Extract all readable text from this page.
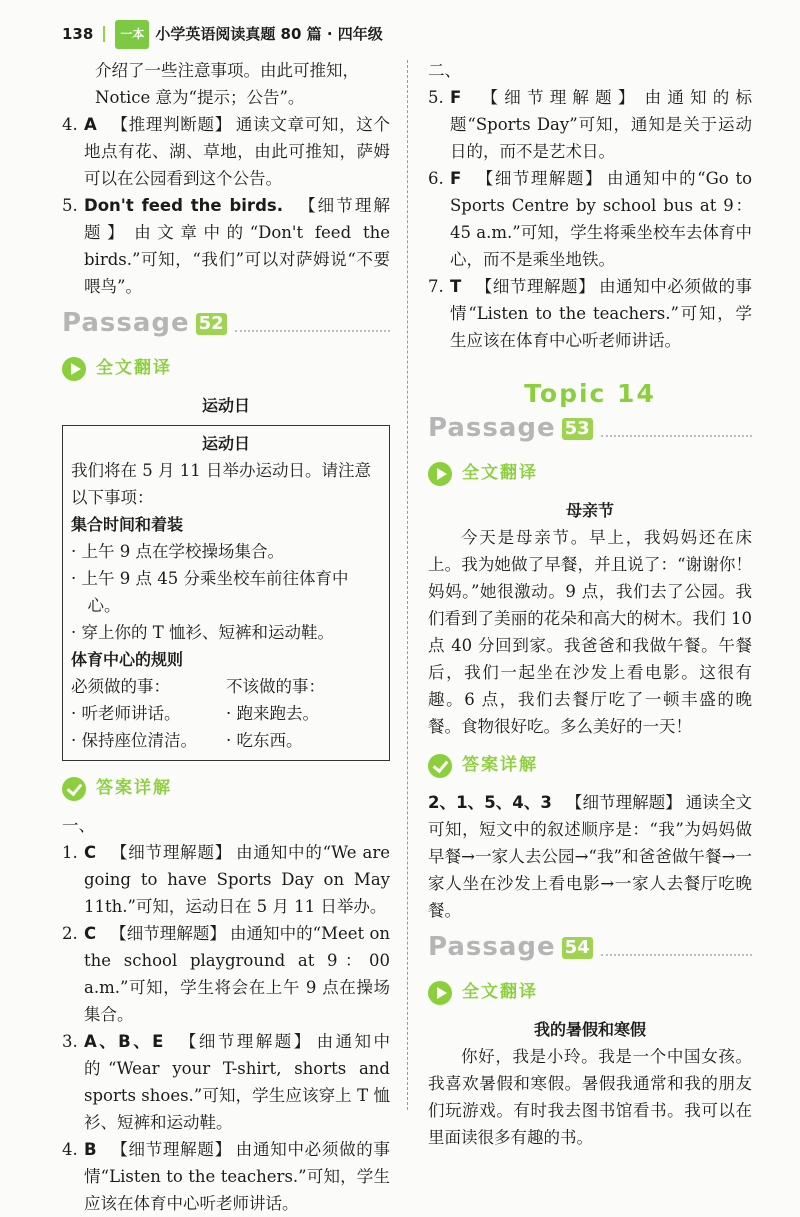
138	一本 小学英语阅读真题 80 篇 · 四年级

介绍了一些注意事项。由此可推知，

Notice 意为“提示；公告”。

4. A 【推理判断题】 通读文章可知，这个地点有花、湖、草地，由此可推知，萨姆可以在公园看到这个公告。
5. Don't feed the birds. 【细节理解题】 由文章中的“Don't feed the birds.”可知，“我们”可以对萨姆说“不要喂鸟”。
Passage 52
全文翻译

运动日

运动日

我们将在 5 月 11 日举办运动日。请注意以下事项：

集合时间和着装

· 上午 9 点在学校操场集合。

· 上午 9 点 45 分乘坐校车前往体育中心。

· 穿上你的 T 恤衫、短裤和运动鞋。

体育中心的规则

必须做的事：

· 听老师讲话。

· 保持座位清洁。

不该做的事：

· 跑来跑去。

· 吃东西。

答案详解

一、

1. C 【细节理解题】 由通知中的“We are going to have Sports Day on May 11th.”可知，运动日在 5 月 11 日举办。
2. C 【细节理解题】 由通知中的“Meet on the school playground at 9：00 a.m.”可知，学生将会在上午 9 点在操场集合。
3. A、B、E 【细节理解题】 由通知中的“Wear your T-shirt, shorts and sports shoes.”可知，学生应该穿上 T 恤衫、短裤和运动鞋。
4. B 【细节理解题】 由通知中必须做的事情“Listen to the teachers.”可知，学生应该在体育中心听老师讲话。

二、

5. F 【细节理解题】 由通知的标题“Sports Day”可知，通知是关于运动日的，而不是艺术日。
6. F 【细节理解题】 由通知中的“Go to Sports Centre by school bus at 9：45 a.m.”可知，学生将乘坐校车去体育中心，而不是乘坐地铁。
7. T 【细节理解题】 由通知中必须做的事情“Listen to the teachers.”可知，学生应该在体育中心听老师讲话。
Topic 14
Passage 53
全文翻译

母亲节

今天是母亲节。早上，我妈妈还在床上。我为她做了早餐，并且说了：“谢谢你！妈妈。”她很激动。9 点，我们去了公园。我们看到了美丽的花朵和高大的树木。我们 10 点 40 分回到家。我爸爸和我做午餐。午餐后，我们一起坐在沙发上看电影。这很有趣。6 点，我们去餐厅吃了一顿丰盛的晚餐。食物很好吃。多么美好的一天！

答案详解

2、1、5、4、3 【细节理解题】 通读全文可知，短文中的叙述顺序是：“我”为妈妈做早餐→一家人去公园→“我”和爸爸做午餐→一家人坐在沙发上看电影→一家人去餐厅吃晚餐。

Passage 54
全文翻译

我的暑假和寒假

你好，我是小玲。我是一个中国女孩。我喜欢暑假和寒假。暑假我通常和我的朋友们玩游戏。有时我去图书馆看书。我可以在里面读很多有趣的书。
